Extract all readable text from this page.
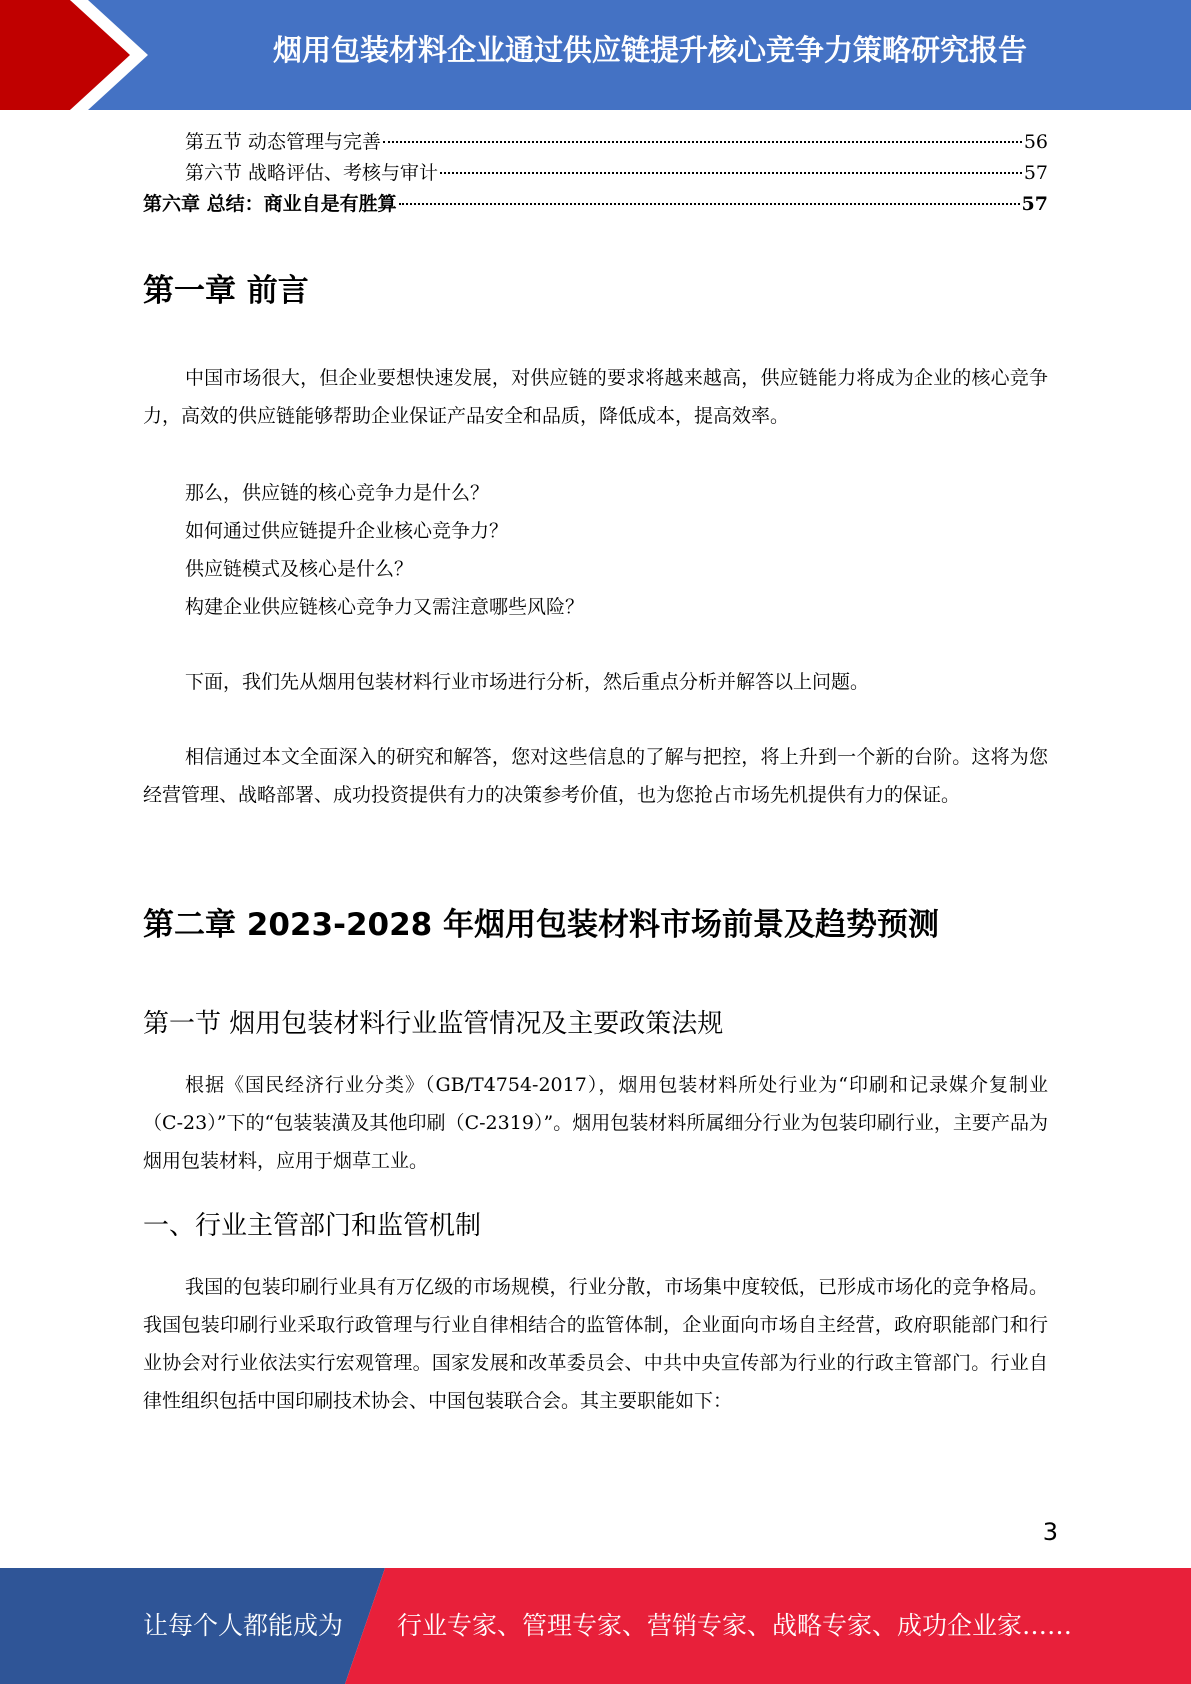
烟用包装材料企业通过供应链提升核心竞争力策略研究报告
第五节 动态管理与完善	56
第六节 战略评估、考核与审计	57
第六章 总结：商业自是有胜算	57
第一章 前言

中国市场很大，但企业要想快速发展，对供应链的要求将越来越高，供应链能力将成为企业的核心竞争力，高效的供应链能够帮助企业保证产品安全和品质，降低成本，提高效率。

那么，供应链的核心竞争力是什么？
如何通过供应链提升企业核心竞争力？
供应链模式及核心是什么？
构建企业供应链核心竞争力又需注意哪些风险？

下面，我们先从烟用包装材料行业市场进行分析，然后重点分析并解答以上问题。

相信通过本文全面深入的研究和解答，您对这些信息的了解与把控，将上升到一个新的台阶。这将为您经营管理、战略部署、成功投资提供有力的决策参考价值，也为您抢占市场先机提供有力的保证。

第二章 2023-2028 年烟用包装材料市场前景及趋势预测
第一节 烟用包装材料行业监管情况及主要政策法规

根据《国民经济行业分类》（GB/T4754-2017），烟用包装材料所处行业为“印刷和记录媒介复制业（C-23）”下的“包装装潢及其他印刷（C-2319）”。烟用包装材料所属细分行业为包装印刷行业，主要产品为烟用包装材料，应用于烟草工业。

一、行业主管部门和监管机制

我国的包装印刷行业具有万亿级的市场规模，行业分散，市场集中度较低，已形成市场化的竞争格局。我国包装印刷行业采取行政管理与行业自律相结合的监管体制，企业面向市场自主经营，政府职能部门和行业协会对行业依法实行宏观管理。国家发展和改革委员会、中共中央宣传部为行业的行政主管部门。行业自律性组织包括中国印刷技术协会、中国包装联合会。其主要职能如下：

3
让每个人都能成为 行业专家、管理专家、营销专家、战略专家、成功企业家……
